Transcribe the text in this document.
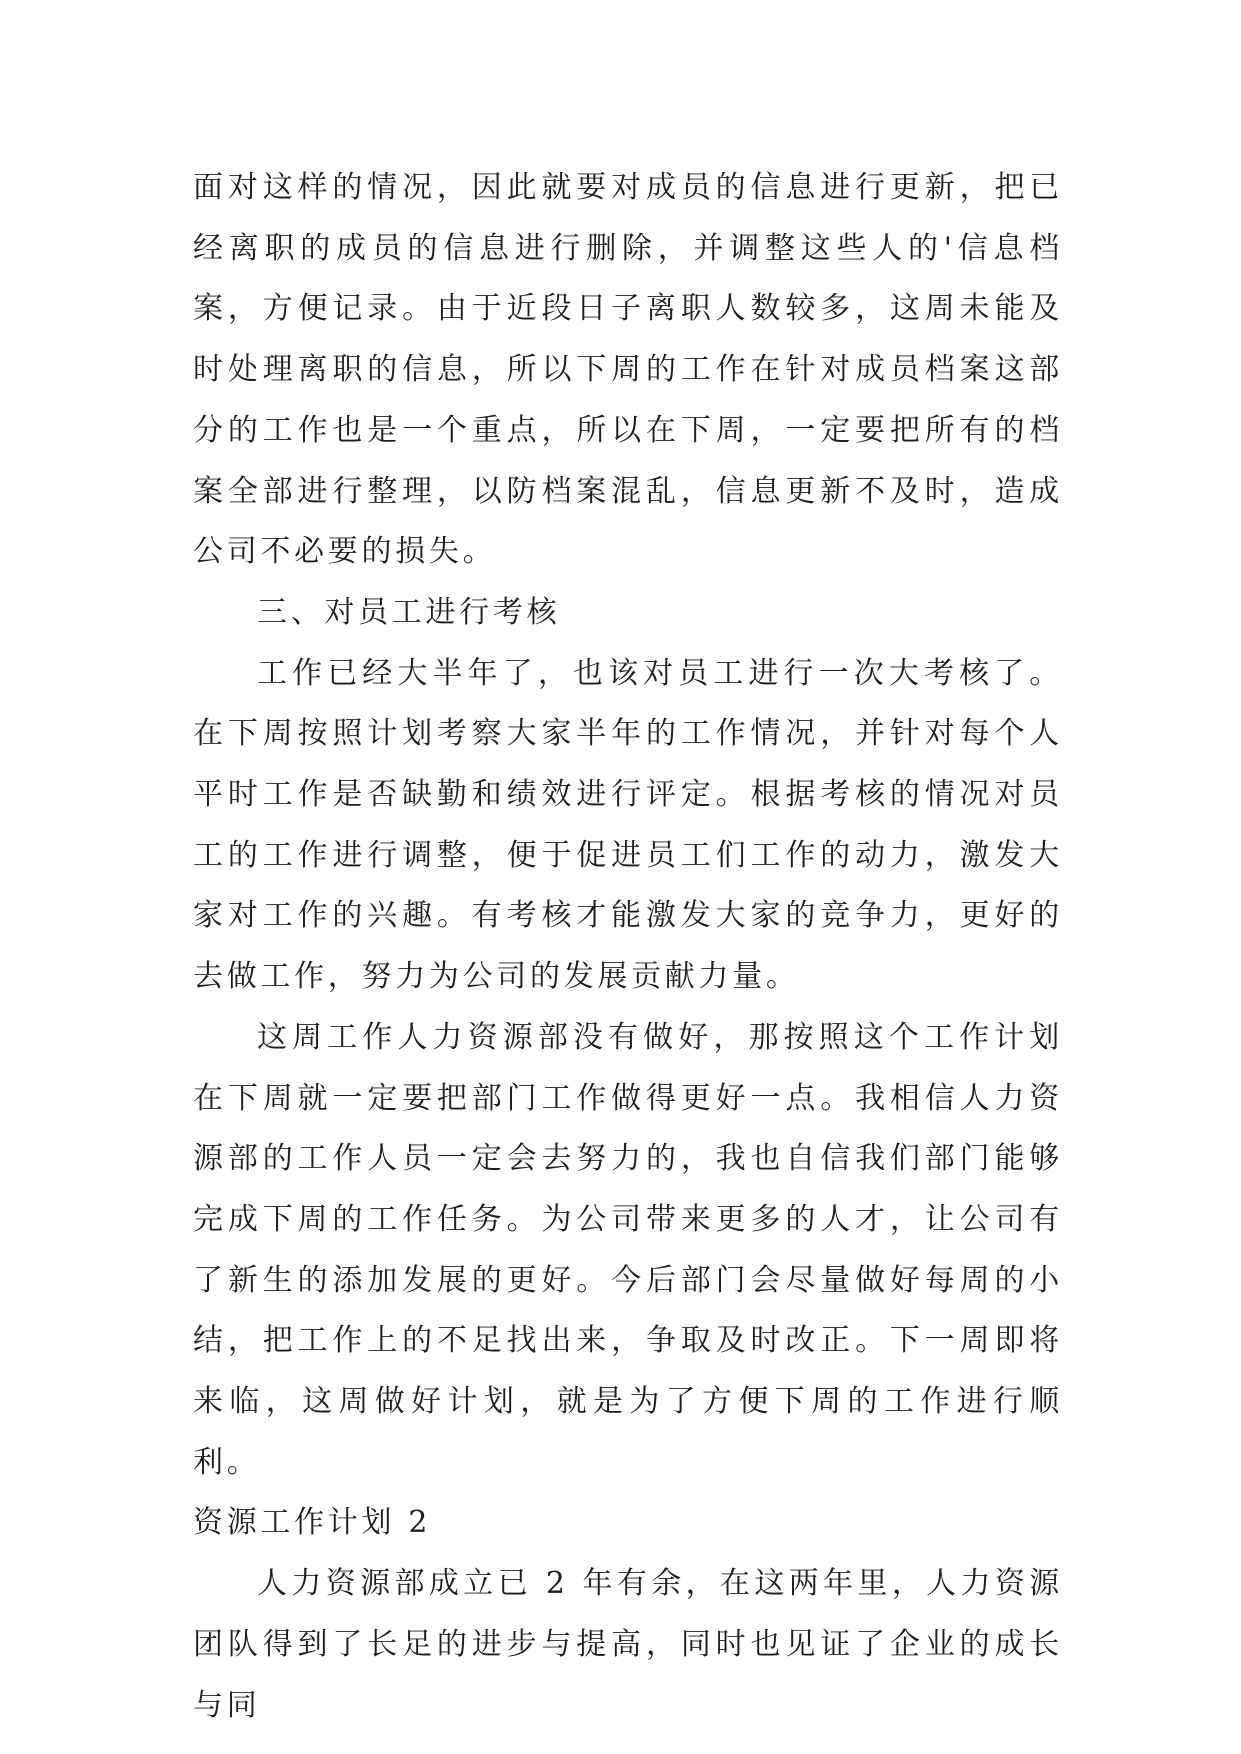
面对这样的情况，因此就要对成员的信息进行更新，把已经离职的成员的信息进行删除，并调整这些人的'信息档案，方便记录。由于近段日子离职人数较多，这周未能及时处理离职的信息，所以下周的工作在针对成员档案这部分的工作也是一个重点，所以在下周，一定要把所有的档案全部进行整理，以防档案混乱，信息更新不及时，造成公司不必要的损失。

三、对员工进行考核

工作已经大半年了，也该对员工进行一次大考核了。在下周按照计划考察大家半年的工作情况，并针对每个人平时工作是否缺勤和绩效进行评定。根据考核的情况对员工的工作进行调整，便于促进员工们工作的动力，激发大家对工作的兴趣。有考核才能激发大家的竞争力，更好的去做工作，努力为公司的发展贡献力量。

这周工作人力资源部没有做好，那按照这个工作计划在下周就一定要把部门工作做得更好一点。我相信人力资源部的工作人员一定会去努力的，我也自信我们部门能够完成下周的工作任务。为公司带来更多的人才，让公司有了新生的添加发展的更好。今后部门会尽量做好每周的小结，把工作上的不足找出来，争取及时改正。下一周即将来临，这周做好计划，就是为了方便下周的工作进行顺利。

资源工作计划 2

人力资源部成立已 2 年有余，在这两年里，人力资源团队得到了长足的进步与提高，同时也见证了企业的成长与同
